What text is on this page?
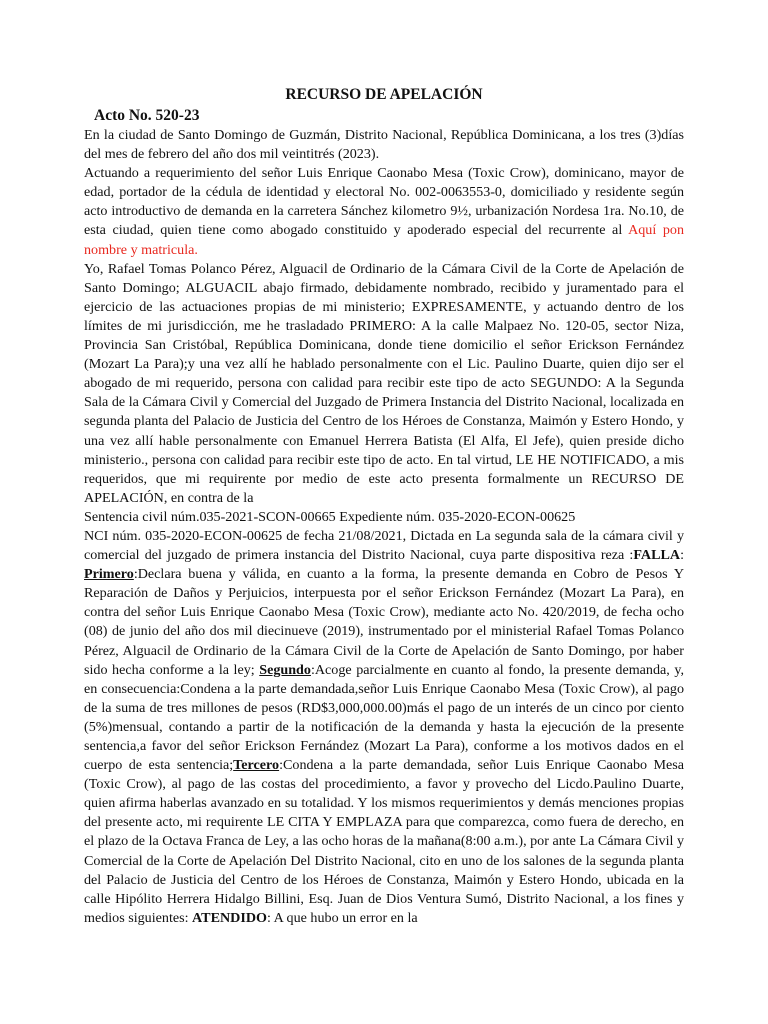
RECURSO DE APELACIÓN
Acto No. 520-23

En la ciudad de Santo Domingo de Guzmán, Distrito Nacional, República Dominicana, a los tres (3)días del mes de febrero del año dos mil veintitrés (2023).

Actuando a requerimiento del señor Luis Enrique Caonabo Mesa (Toxic Crow), dominicano, mayor de edad, portador de la cédula de identidad y electoral No. 002-0063553-0, domiciliado y residente según acto introductivo de demanda en la carretera Sánchez kilometro 9½, urbanización Nordesa 1ra. No.10, de esta ciudad, quien tiene como abogado constituido y apoderado especial del recurrente al Aquí pon nombre y matricula.

Yo, Rafael Tomas Polanco Pérez, Alguacil de Ordinario de la Cámara Civil de la Corte de Apelación de Santo Domingo; ALGUACIL abajo firmado, debidamente nombrado, recibido y juramentado para el ejercicio de las actuaciones propias de mi ministerio; EXPRESAMENTE, y actuando dentro de los límites de mi jurisdicción, me he trasladado PRIMERO: A la calle Malpaez No. 120-05, sector Niza, Provincia San Cristóbal, República Dominicana, donde tiene domicilio el señor Erickson Fernández (Mozart La Para);y una vez allí he hablado personalmente con el Lic. Paulino Duarte, quien dijo ser el abogado de mi requerido, persona con calidad para recibir este tipo de acto SEGUNDO: A la Segunda Sala de la Cámara Civil y Comercial del Juzgado de Primera Instancia del Distrito Nacional, localizada en segunda planta del Palacio de Justicia del Centro de los Héroes de Constanza, Maimón y Estero Hondo, y una vez allí hable personalmente con Emanuel Herrera Batista (El Alfa, El Jefe), quien preside dicho ministerio., persona con calidad para recibir este tipo de acto. En tal virtud, LE HE NOTIFICADO, a mis requeridos, que mi requirente por medio de este acto presenta formalmente un RECURSO DE APELACIÓN, en contra de la

Sentencia civil núm.035-2021-SCON-00665 Expediente núm. 035-2020-ECON-00625

NCI núm. 035-2020-ECON-00625 de fecha 21/08/2021, Dictada en La segunda sala de la cámara civil y comercial del juzgado de primera instancia del Distrito Nacional, cuya parte dispositiva reza :FALLA: Primero:Declara buena y válida, en cuanto a la forma, la presente demanda en Cobro de Pesos Y Reparación de Daños y Perjuicios, interpuesta por el señor Erickson Fernández (Mozart La Para), en contra del señor Luis Enrique Caonabo Mesa (Toxic Crow), mediante acto No. 420/2019, de fecha ocho (08) de junio del año dos mil diecinueve (2019), instrumentado por el ministerial Rafael Tomas Polanco Pérez, Alguacil de Ordinario de la Cámara Civil de la Corte de Apelación de Santo Domingo, por haber sido hecha conforme a la ley; Segundo:Acoge parcialmente en cuanto al fondo, la presente demanda, y, en consecuencia:Condena a la parte demandada,señor Luis Enrique Caonabo Mesa (Toxic Crow), al pago de la suma de tres millones de pesos (RD$3,000,000.00)más el pago de un interés de un cinco por ciento (5%)mensual, contando a partir de la notificación de la demanda y hasta la ejecución de la presente sentencia,a favor del señor Erickson Fernández (Mozart La Para), conforme a los motivos dados en el cuerpo de esta sentencia;Tercero:Condena a la parte demandada, señor Luis Enrique Caonabo Mesa (Toxic Crow), al pago de las costas del procedimiento, a favor y provecho del Licdo.Paulino Duarte, quien afirma haberlas avanzado en su totalidad. Y los mismos requerimientos y demás menciones propias del presente acto, mi requirente LE CITA Y EMPLAZA para que comparezca, como fuera de derecho, en el plazo de la Octava Franca de Ley, a las ocho horas de la mañana(8:00 a.m.), por ante La Cámara Civil y Comercial de la Corte de Apelación Del Distrito Nacional, cito en uno de los salones de la segunda planta del Palacio de Justicia del Centro de los Héroes de Constanza, Maimón y Estero Hondo, ubicada en la calle Hipólito Herrera Hidalgo Billini, Esq. Juan de Dios Ventura Sumó, Distrito Nacional, a los fines y medios siguientes: ATENDIDO: A que hubo un error en la
